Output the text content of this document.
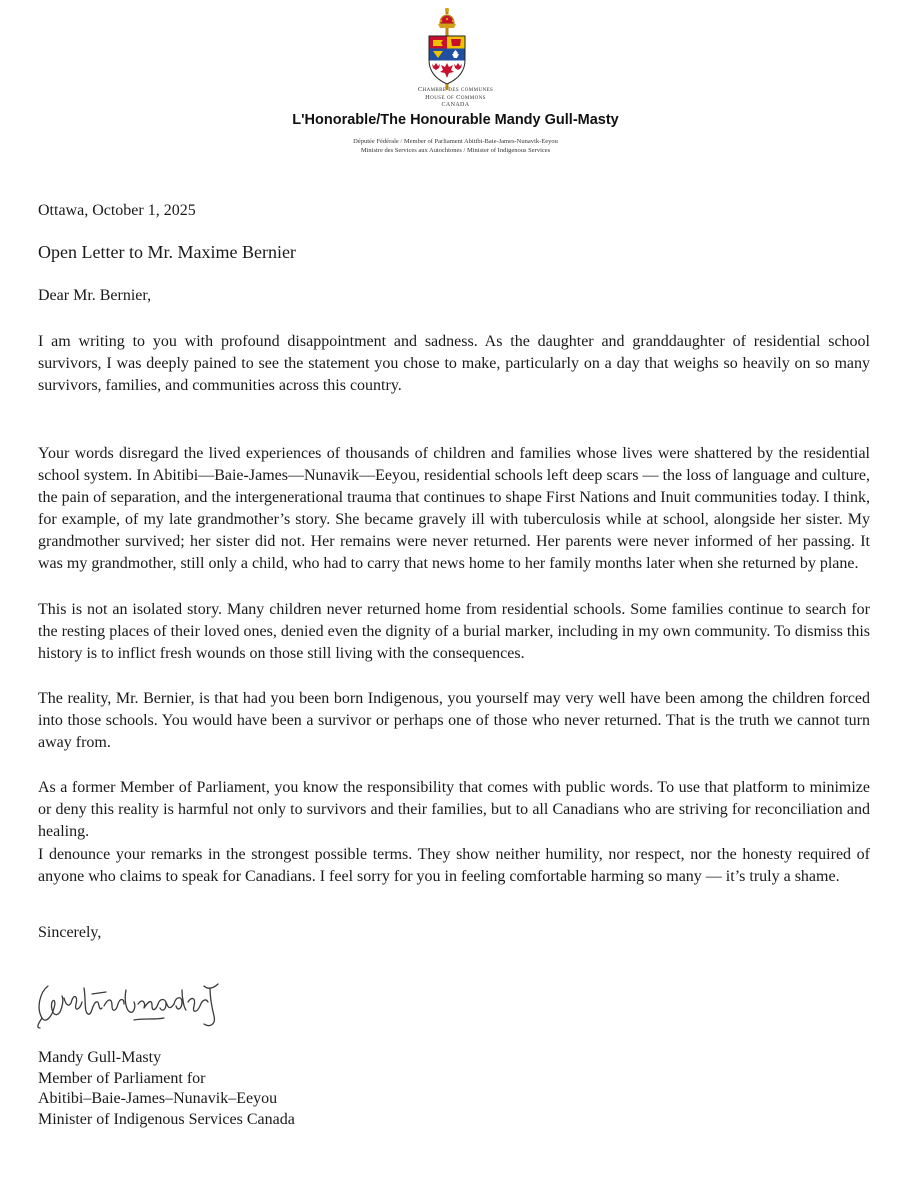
Chambre des communes
House of Commons
CANADA
L'Honorable/The Honourable Mandy Gull-Masty
Députée Fédérale / Member of Parliament Abitibi-Baie-James-Nunavik-Eeyou
Ministre des Services aux Autochtones / Minister of Indigenous Services

Ottawa, October 1, 2025

Open Letter to Mr. Maxime Bernier

Dear Mr. Bernier,

I am writing to you with profound disappointment and sadness. As the daughter and granddaughter of residential school survivors, I was deeply pained to see the statement you chose to make, particularly on a day that weighs so heavily on so many survivors, families, and communities across this country.

Your words disregard the lived experiences of thousands of children and families whose lives were shattered by the residential school system. In Abitibi—Baie-James—Nunavik—Eeyou, residential schools left deep scars — the loss of language and culture, the pain of separation, and the intergenerational trauma that continues to shape First Nations and Inuit communities today. I think, for example, of my late grandmother’s story. She became gravely ill with tuberculosis while at school, alongside her sister. My grandmother survived; her sister did not. Her remains were never returned. Her parents were never informed of her passing. It was my grandmother, still only a child, who had to carry that news home to her family months later when she returned by plane.

This is not an isolated story. Many children never returned home from residential schools. Some families continue to search for the resting places of their loved ones, denied even the dignity of a burial marker, including in my own community. To dismiss this history is to inflict fresh wounds on those still living with the consequences.

The reality, Mr. Bernier, is that had you been born Indigenous, you yourself may very well have been among the children forced into those schools. You would have been a survivor or perhaps one of those who never returned. That is the truth we cannot turn away from.

As a former Member of Parliament, you know the responsibility that comes with public words. To use that platform to minimize or deny this reality is harmful not only to survivors and their families, but to all Canadians who are striving for reconciliation and healing.

I denounce your remarks in the strongest possible terms. They show neither humility, nor respect, nor the honesty required of anyone who claims to speak for Canadians. I feel sorry for you in feeling comfortable harming so many — it’s truly a shame.

Sincerely,

Mandy Gull-Masty
Member of Parliament for
Abitibi–Baie-James–Nunavik–Eeyou
Minister of Indigenous Services Canada
